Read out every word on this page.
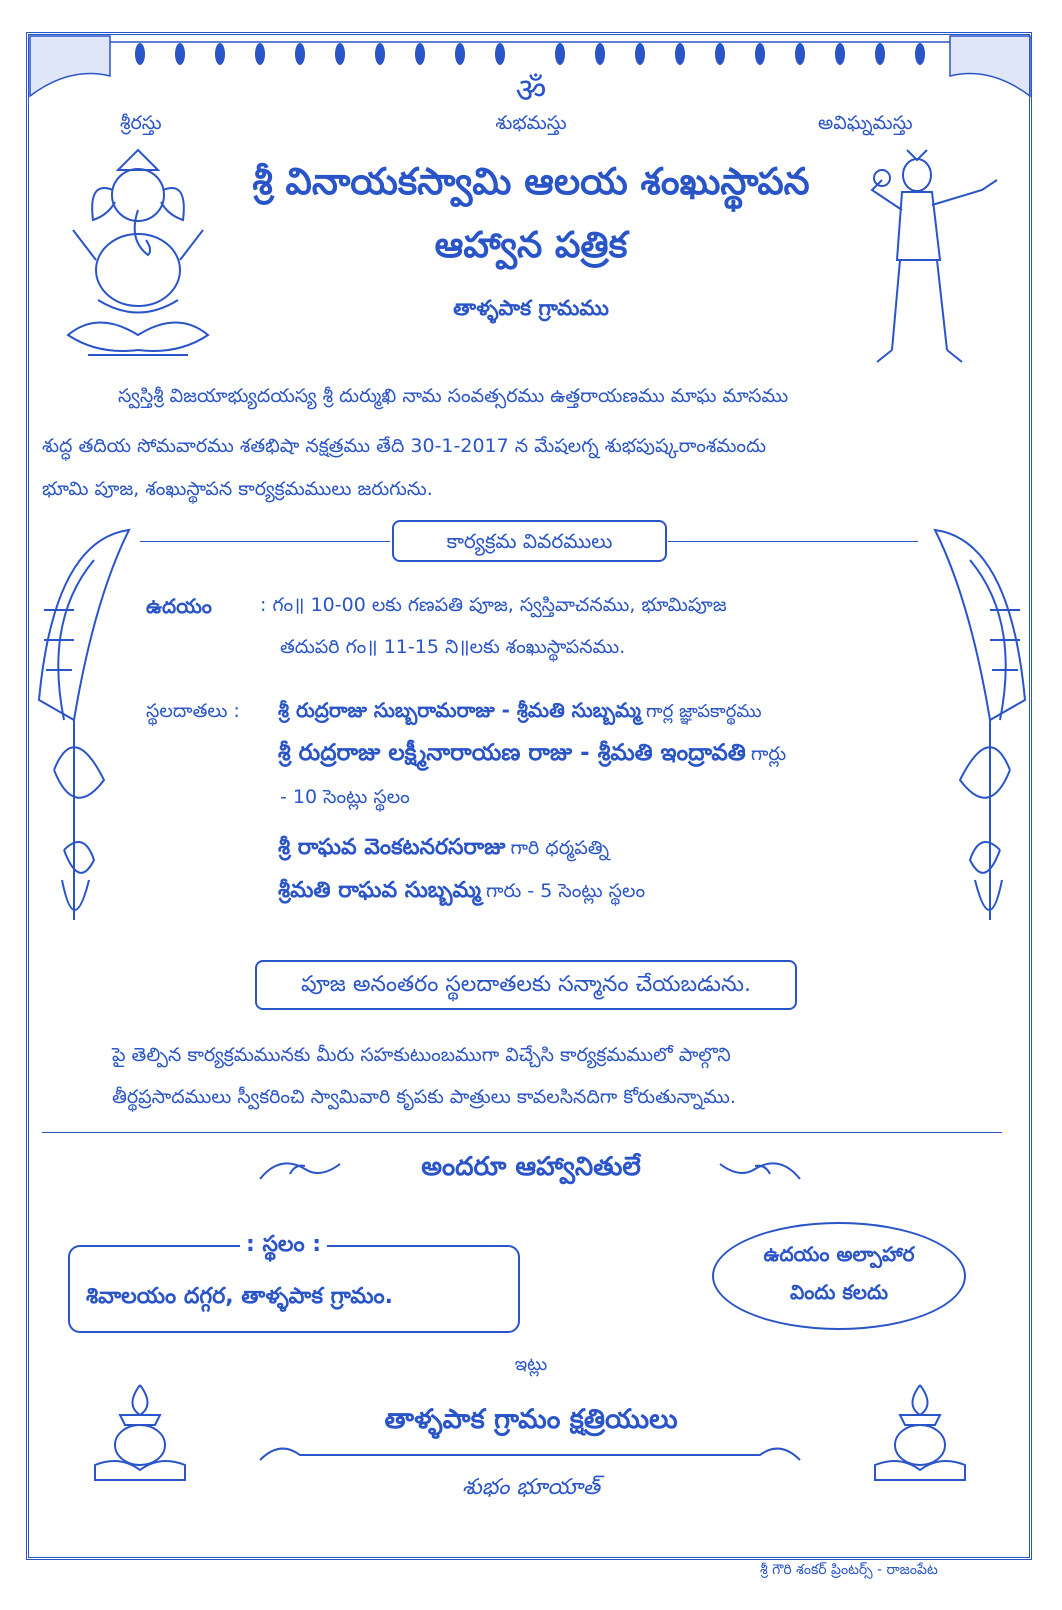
ॐ
శ్రీరస్తు	శుభమస్తు	అవిఘ్నమస్తు
శ్రీ వినాయకస్వామి ఆలయ శంఖుస్థాపన
ఆహ్వాన పత్రిక
తాళ్ళపాక గ్రామము
స్వస్తిశ్రీ విజయాభ్యుదయస్య శ్రీ దుర్ముఖి నామ సంవత్సరము ఉత్తరాయణము మాఘ మాసము
శుద్ధ తదియ సోమవారము శతభిషా నక్షత్రము తేది 30-1-2017 న మేషలగ్న శుభపుష్కరాంశమందు
భూమి పూజ, శంఖుస్థాపన కార్యక్రమములు జరుగును.
కార్యక్రమ వివరములు
ఉదయం	: గం॥ 10-00 లకు గణపతి పూజ, స్వస్తివాచనము, భూమిపూజ
తదుపరి గం॥ 11-15 ని॥లకు శంఖుస్థాపనము.
స్థలదాతలు : శ్రీ రుద్రరాజు సుబ్బరామరాజు - శ్రీమతి సుబ్బమ్మ గార్ల జ్ఞాపకార్థము
శ్రీ రుద్రరాజు లక్ష్మీనారాయణ రాజు - శ్రీమతి ఇంద్రావతి గార్లు
- 10 సెంట్లు స్థలం
శ్రీ రాఘవ వెంకటనరసరాజు గారి ధర్మపత్ని
శ్రీమతి రాఘవ సుబ్బమ్మ గారు - 5 సెంట్లు స్థలం
పూజ అనంతరం స్థలదాతలకు సన్మానం చేయబడును.
పై తెల్పిన కార్యక్రమమునకు మీరు సహకుటుంబముగా విచ్చేసి కార్యక్రమములో పాల్గొని
తీర్థప్రసాదములు స్వీకరించి స్వామివారి కృపకు పాత్రులు కావలసినదిగా కోరుతున్నాము.
అందరూ ఆహ్వానితులే
: స్థలం :
శివాలయం దగ్గర, తాళ్ళపాక గ్రామం.
ఉదయం అల్పాహార
విందు కలదు
ఇట్లు
తాళ్ళపాక గ్రామం క్షత్రియులు
శుభం భూయాత్
శ్రీ గౌరి శంకర్ ప్రింటర్స్ - రాజంపేట
